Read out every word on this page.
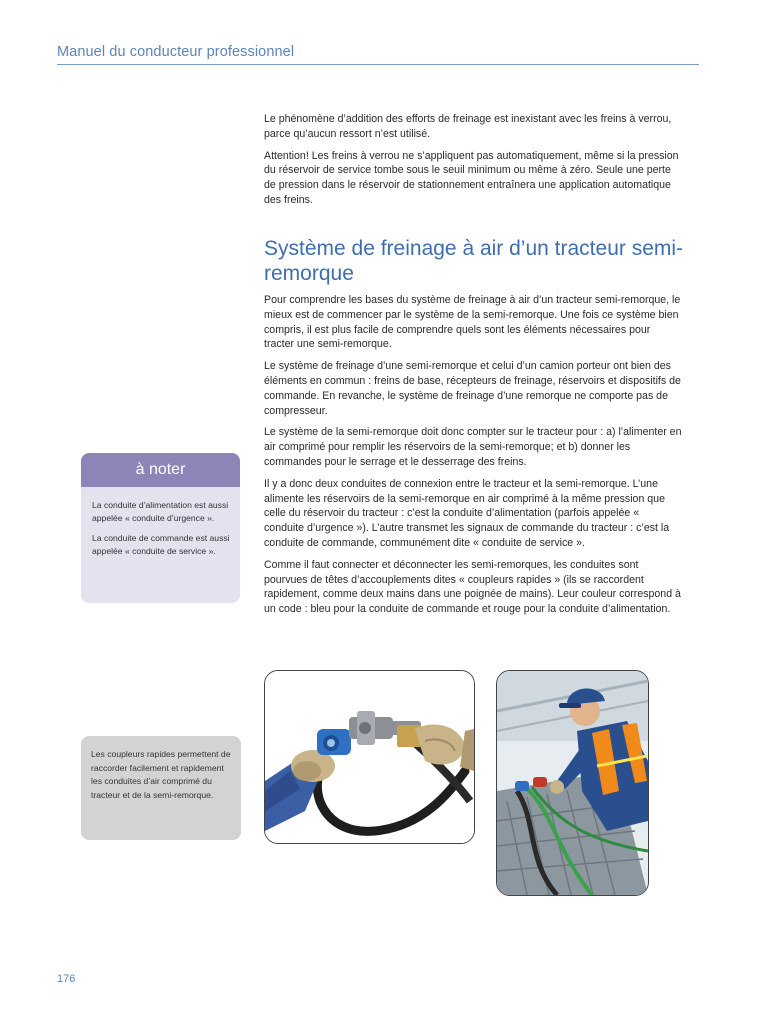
Manuel du conducteur professionnel

Le phénomène d’addition des efforts de freinage est inexistant avec les freins à verrou, parce qu’aucun ressort n’est utilisé.

Attention! Les freins à verrou ne s’appliquent pas automatiquement, même si la pression du réservoir de service tombe sous le seuil minimum ou même à zéro. Seule une perte de pression dans le réservoir de stationnement entraînera une application automatique des freins.

Système de freinage à air d’un tracteur semi-remorque

Pour comprendre les bases du système de freinage à air d’un tracteur semi-remorque, le mieux est de commencer par le système de la semi-remorque. Une fois ce système bien compris, il est plus facile de comprendre quels sont les éléments nécessaires pour tracter une semi-remorque.

Le système de freinage d’une semi-remorque et celui d’un camion porteur ont bien des éléments en commun : freins de base, récepteurs de freinage, réservoirs et dispositifs de commande. En revanche, le système de freinage d’une remorque ne comporte pas de compresseur.

Le système de la semi-remorque doit donc compter sur le tracteur pour : a) l’alimenter en air comprimé pour remplir les réservoirs de la semi-remorque; et b) donner les commandes pour le serrage et le desserrage des freins.

Il y a donc deux conduites de connexion entre le tracteur et la semi-remorque. L’une alimente les réservoirs de la semi-remorque en air comprimé à la même pression que celle du réservoir du tracteur : c’est la conduite d’alimentation (parfois appelée « conduite d’urgence »). L’autre transmet les signaux de commande du tracteur : c’est la conduite de commande, communément dite « conduite de service ».

Comme il faut connecter et déconnecter les semi-remorques, les conduites sont pourvues de têtes d’accouplements dites « coupleurs rapides » (ils se raccordent rapidement, comme deux mains dans une poignée de mains). Leur couleur correspond à un code : bleu pour la conduite de commande et rouge pour la conduite d’alimentation.

à noter

La conduite d’alimentation est aussi appelée « conduite d’urgence ».

La conduite de commande est aussi appelée « conduite de service ».

Les coupleurs rapides permettent de raccorder facilement et rapidement les conduites d’air comprimé du tracteur et de la semi-remorque.
176
